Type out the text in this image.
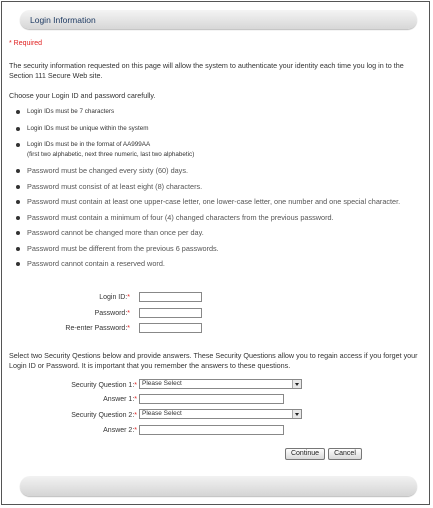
Login Information
* Required
The security information requested on this page will allow the system to authenticate your identity each time you log in to the Section 111 Secure Web site.
Choose your Login ID and password carefully.
Login IDs must be 7 characters
Login IDs must be unique within the system
Login IDs must be in the format of AA999AA
(first two alphabetic, next three numeric, last two alphabetic)
Password must be changed every sixty (60) days.
Password must consist of at least eight (8) characters.
Password must contain at least one upper-case letter, one lower-case letter, one number and one special character.
Password must contain a minimum of four (4) changed characters from the previous password.
Password cannot be changed more than once per day.
Password must be different from the previous 6 passwords.
Password cannot contain a reserved word.
Login ID:*
Password:*
Re-enter Password:*
Select two Security Qestions below and provide answers. These Security Questions allow you to regain access if you forget your Login ID or Password. It is important that you remember the answers to these questions.
Security Question 1:* Please Select
Answer 1:*
Security Question 2:* Please Select
Answer 2:*
Continue	Cancel
